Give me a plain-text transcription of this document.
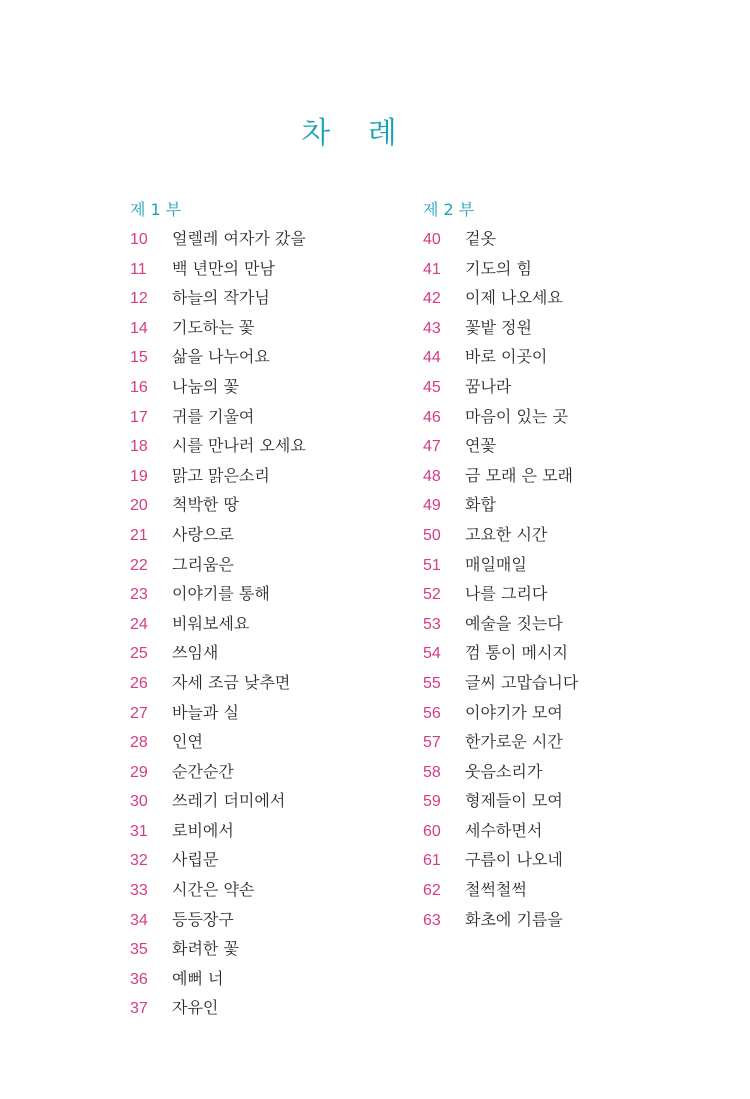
차 례
제 1 부
10 얼렐레 여자가 갔을
11 백 년만의 만남
12 하늘의 작가님
14 기도하는 꽃
15 삶을 나누어요
16 나눔의 꽃
17 귀를 기울여
18 시를 만나러 오세요
19 맑고 맑은소리
20 척박한 땅
21 사랑으로
22 그리움은
23 이야기를 통해
24 비워보세요
25 쓰임새
26 자세 조금 낮추면
27 바늘과 실
28 인연
29 순간순간
30 쓰레기 더미에서
31 로비에서
32 사립문
33 시간은 약손
34 등등장구
35 화려한 꽃
36 예뻐 너
37 자유인
제 2 부
40 겉옷
41 기도의 힘
42 이제 나오세요
43 꽃밭 정원
44 바로 이곳이
45 꿈나라
46 마음이 있는 곳
47 연꽃
48 금 모래 은 모래
49 화합
50 고요한 시간
51 매일매일
52 나를 그리다
53 예술을 짓는다
54 껌 통이 메시지
55 글씨 고맙습니다
56 이야기가 모여
57 한가로운 시간
58 웃음소리가
59 형제들이 모여
60 세수하면서
61 구름이 나오네
62 철썩철썩
63 화초에 기름을
